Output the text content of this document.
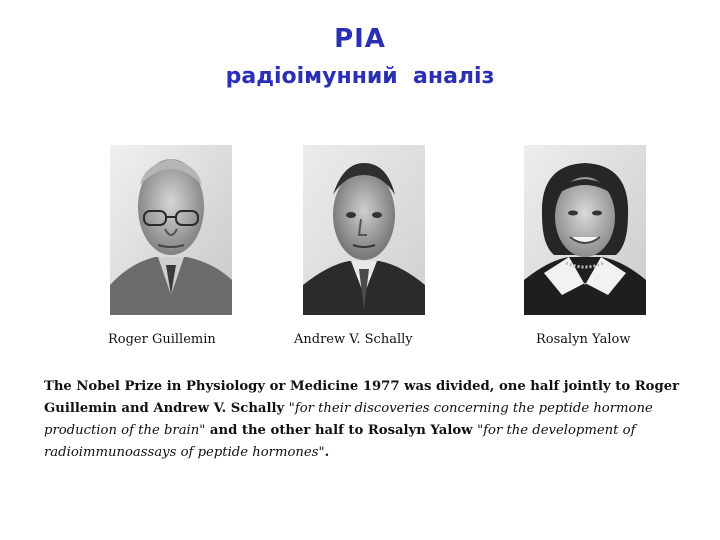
РІА
радіоімунний  аналіз
Roger Guillemin	Andrew V. Schally	Rosalyn Yalow
The Nobel Prize in Physiology or Medicine 1977 was divided, one half jointly to Roger Guillemin and Andrew V. Schally "for their discoveries concerning the peptide hormone production of the brain" and the other half to Rosalyn Yalow "for the development of radioimmunoassays of peptide hormones".
